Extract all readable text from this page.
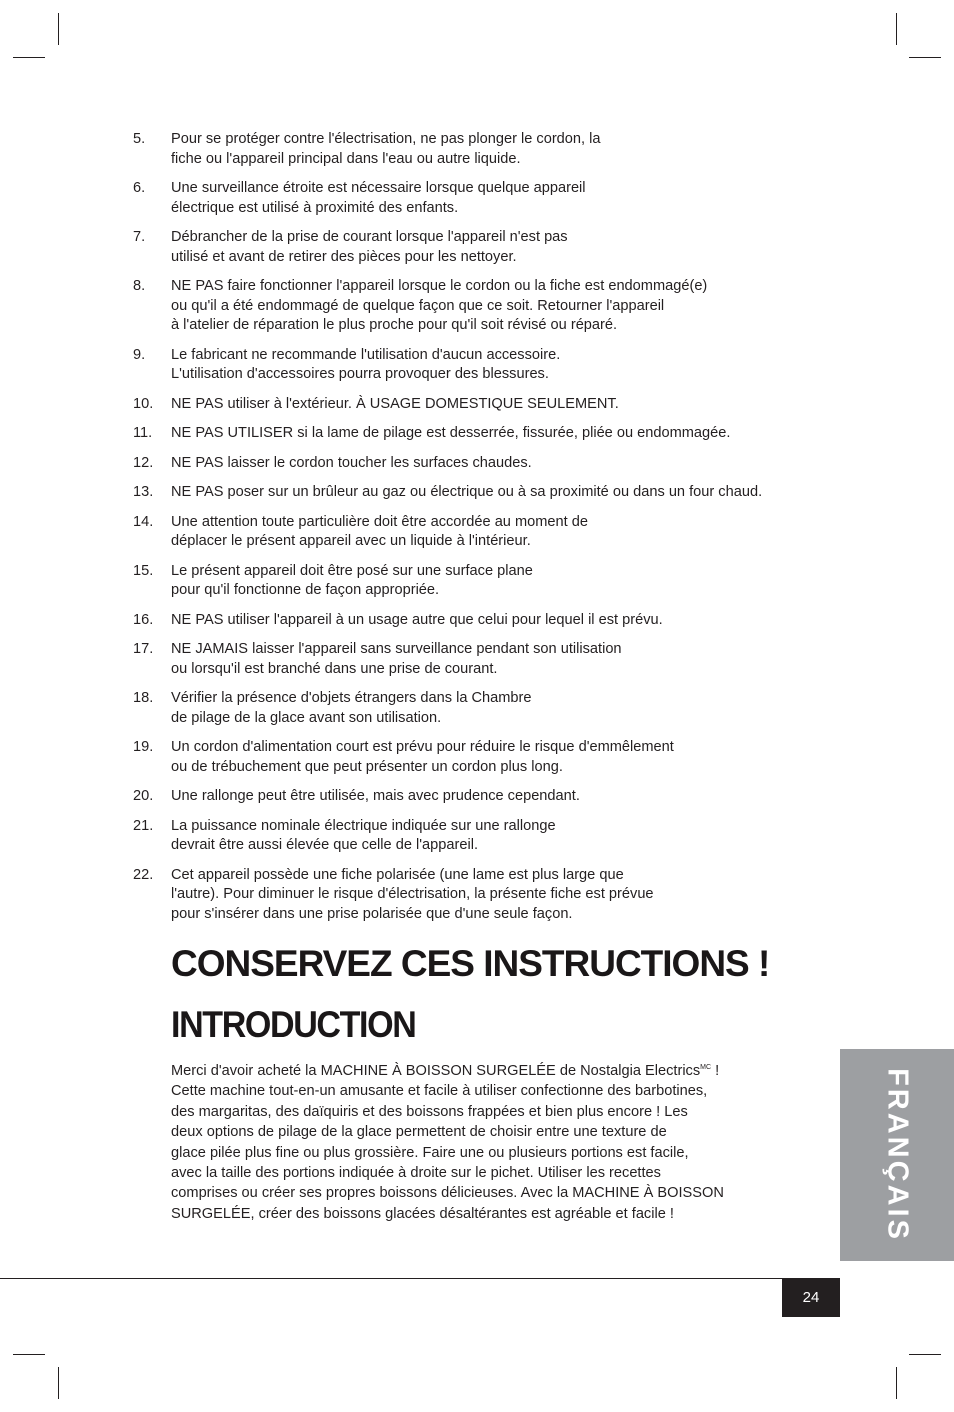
5. Pour se protéger contre l'électrisation, ne pas plonger le cordon, la
fiche ou l'appareil principal dans l'eau ou autre liquide.
6. Une surveillance étroite est nécessaire lorsque quelque appareil
électrique est utilisé à proximité des enfants.
7. Débrancher de la prise de courant lorsque l'appareil n'est pas
utilisé et avant de retirer des pièces pour les nettoyer.
8. NE PAS faire fonctionner l'appareil lorsque le cordon ou la fiche est endommagé(e)
ou qu'il a été endommagé de quelque façon que ce soit. Retourner l'appareil
à l'atelier de réparation le plus proche pour qu'il soit révisé ou réparé.
9. Le fabricant ne recommande l'utilisation d'aucun accessoire.
L'utilisation d'accessoires pourra provoquer des blessures.
10. NE PAS utiliser à l'extérieur. À USAGE DOMESTIQUE SEULEMENT.
11. NE PAS UTILISER si la lame de pilage est desserrée, fissurée, pliée ou endommagée.
12. NE PAS laisser le cordon toucher les surfaces chaudes.
13. NE PAS poser sur un brûleur au gaz ou électrique ou à sa proximité ou dans un four chaud.
14. Une attention toute particulière doit être accordée au moment de
déplacer le présent appareil avec un liquide à l'intérieur.
15. Le présent appareil doit être posé sur une surface plane
pour qu'il fonctionne de façon appropriée.
16. NE PAS utiliser l'appareil à un usage autre que celui pour lequel il est prévu.
17. NE JAMAIS laisser l'appareil sans surveillance pendant son utilisation
ou lorsqu'il est branché dans une prise de courant.
18. Vérifier la présence d'objets étrangers dans la Chambre
de pilage de la glace avant son utilisation.
19. Un cordon d'alimentation court est prévu pour réduire le risque d'emmêlement
ou de trébuchement que peut présenter un cordon plus long.
20. Une rallonge peut être utilisée, mais avec prudence cependant.
21. La puissance nominale électrique indiquée sur une rallonge
devrait être aussi élevée que celle de l'appareil.
22. Cet appareil possède une fiche polarisée (une lame est plus large que
l'autre). Pour diminuer le risque d'électrisation, la présente fiche est prévue
pour s'insérer dans une prise polarisée que d'une seule façon.
CONSERVEZ CES INSTRUCTIONS !
INTRODUCTION
Merci d'avoir acheté la MACHINE À BOISSON SURGELÉE de Nostalgia Electrics$^{MC}$ !
Cette machine tout-en-un amusante et facile à utiliser confectionne des barbotines,
des margaritas, des daïquiris et des boissons frappées et bien plus encore ! Les
deux options de pilage de la glace permettent de choisir entre une texture de
glace pilée plus fine ou plus grossière. Faire une ou plusieurs portions est facile,
avec la taille des portions indiquée à droite sur le pichet. Utiliser les recettes
comprises ou créer ses propres boissons délicieuses. Avec la MACHINE À BOISSON
SURGELÉE, créer des boissons glacées désaltérantes est agréable et facile !	FRANÇAIS
24
